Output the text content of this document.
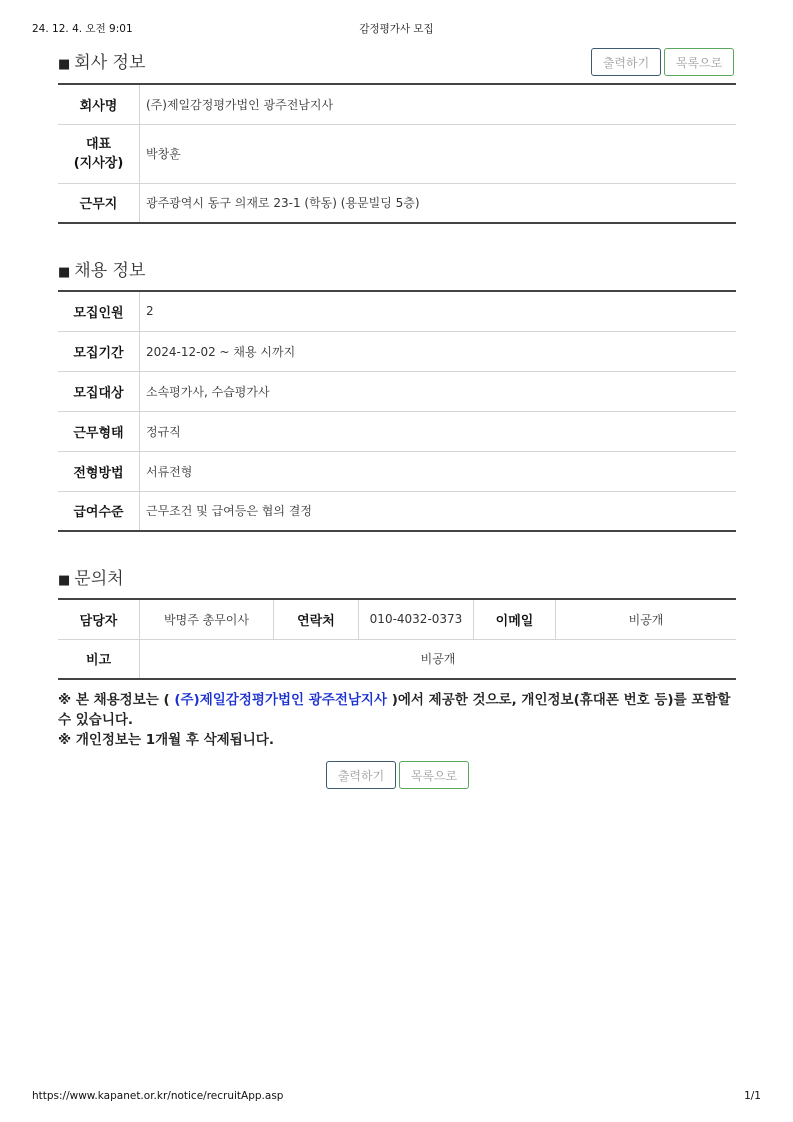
24. 12. 4. 오전 9:01	감정평가사 모집
https://www.kapanet.or.kr/notice/recruitApp.asp	1/1
출력하기	목록으로
■ 회사 정보
회사명	(주)제일감정평가법인 광주전남지사
대표
(지사장)	박창훈
근무지	광주광역시 동구 의재로 23-1 (학동) (용문빌딩 5층)
■ 채용 정보
모집인원	2
모집기간	2024-12-02 ~ 채용 시까지
모집대상	소속평가사, 수습평가사
근무형태	정규직
전형방법	서류전형
급여수준	근무조건 및 급여등은 협의 결정
■ 문의처
담당자	박명주 총무이사	연락처	010-4032-0373	이메일	비공개
비고	비공개				
※ 본 채용정보는 ( (주)제일감정평가법인 광주전남지사 )에서 제공한 것으로, 개인정보(휴대폰 번호 등)를 포함할 수 있습니다.
※ 개인정보는 1개월 후 삭제됩니다.
출력하기	목록으로
